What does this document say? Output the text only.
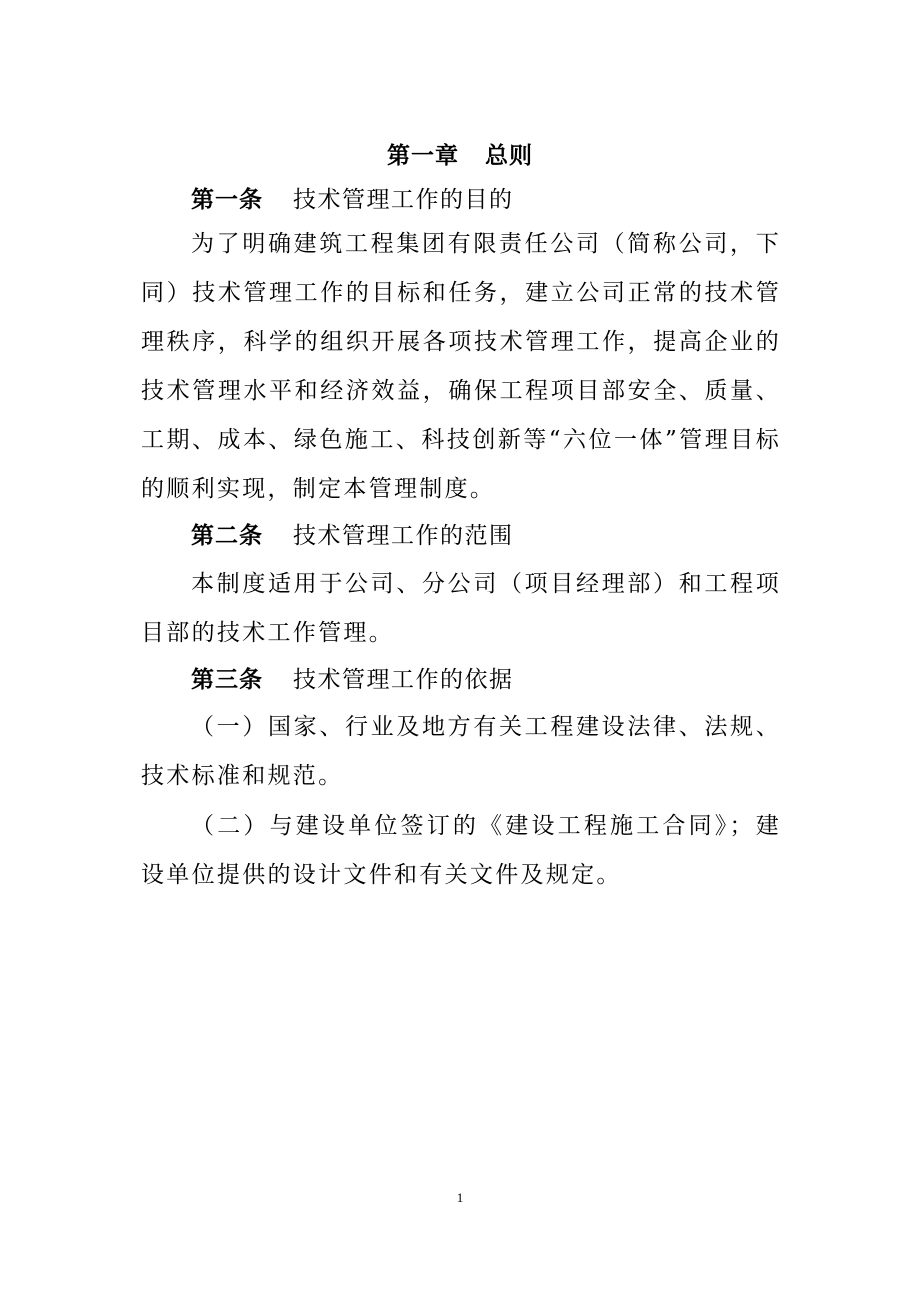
第一章 总则
第一条 技术管理工作的目的
为了明确建筑工程集团有限责任公司（简称公司，下同）技术管理工作的目标和任务，建立公司正常的技术管理秩序，科学的组织开展各项技术管理工作，提高企业的技术管理水平和经济效益，确保工程项目部安全、质量、工期、成本、绿色施工、科技创新等“六位一体”管理目标的顺利实现，制定本管理制度。
第二条 技术管理工作的范围
本制度适用于公司、分公司（项目经理部）和工程项目部的技术工作管理。
第三条 技术管理工作的依据
（一）国家、行业及地方有关工程建设法律、法规、技术标准和规范。
（二）与建设单位签订的《建设工程施工合同》；建设单位提供的设计文件和有关文件及规定。
1
